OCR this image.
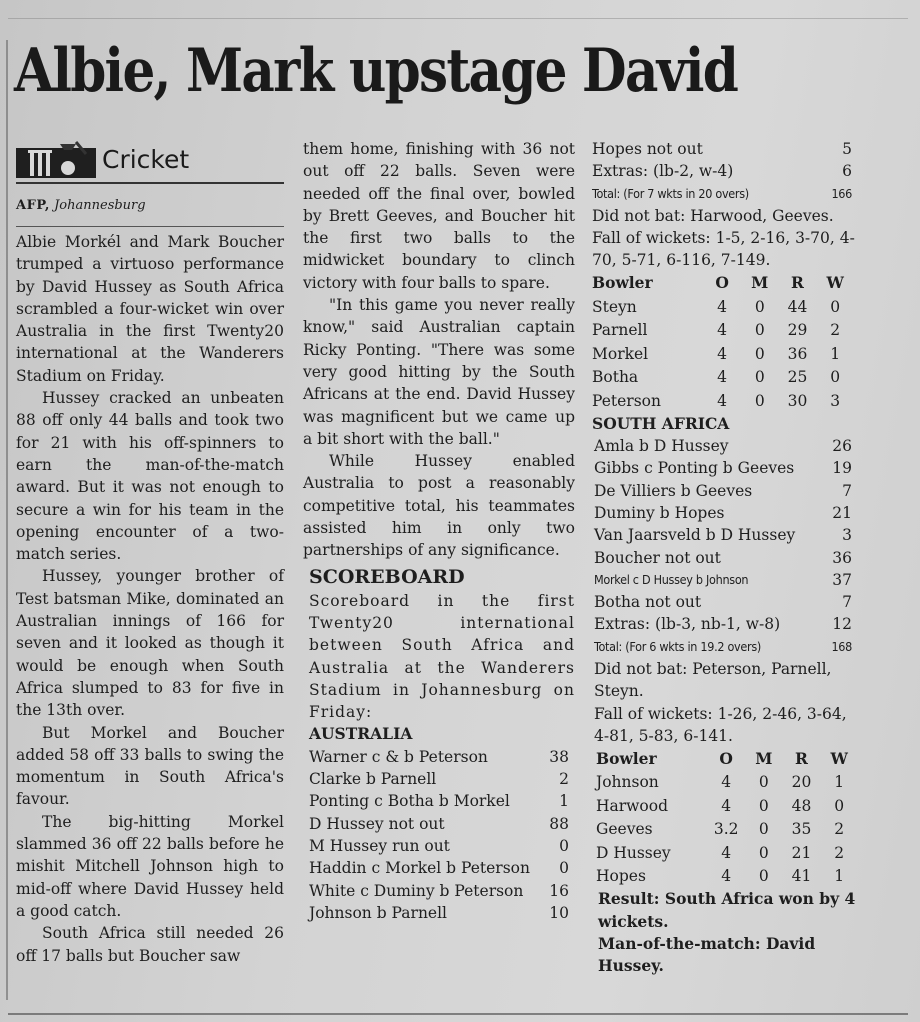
Albie, Mark upstage David
Cricket
AFP, Johannesburg

Albie Morkél and Mark Boucher trumped a virtuoso performance by David Hussey as South Africa scrambled a four-wicket win over Australia in the first Twenty20 international at the Wanderers Stadium on Friday.

Hussey cracked an unbeaten 88 off only 44 balls and took two for 21 with his off-spinners to earn the man-of-the-match award. But it was not enough to secure a win for his team in the opening encounter of a two-match series.

Hussey, younger brother of Test batsman Mike, dominated an Australian innings of 166 for seven and it looked as though it would be enough when South Africa slumped to 83 for five in the 13th over.

But Morkel and Boucher added 58 off 33 balls to swing the momentum in South Africa's favour.

The big-hitting Morkel slammed 36 off 22 balls before he mishit Mitchell Johnson high to mid-off where David Hussey held a good catch.

South Africa still needed 26 off 17 balls but Boucher saw

them home, finishing with 36 not out off 22 balls. Seven were needed off the final over, bowled by Brett Geeves, and Boucher hit the first two balls to the midwicket boundary to clinch victory with four balls to spare.

"In this game you never really know," said Australian captain Ricky Ponting. "There was some very good hitting by the South Africans at the end. David Hussey was magnificent but we came up a bit short with the ball."

While Hussey enabled Australia to post a reasonably competitive total, his teammates assisted him in only two partnerships of any significance.

SCOREBOARD

Scoreboard in the first Twenty20 international between South Africa and Australia at the Wanderers Stadium in Johannesburg on Friday:

AUSTRALIA
Warner c & b Peterson	38
Clarke b Parnell	2
Ponting c Botha b Morkel	1
D Hussey not out	88
M Hussey run out	0
Haddin c Morkel b Peterson	0
White c Duminy b Peterson	16
Johnson b Parnell	10
Hopes not out	5
Extras: (lb-2, w-4)	6
Total: (For 7 wkts in 20 overs)	166
Did not bat: Harwood, Geeves.
Fall of wickets: 1-5, 2-16, 3-70, 4-70, 5-71, 6-116, 7-149.
Bowler	O	M	R	W
Steyn	4	0	44	0
Parnell	4	0	29	2
Morkel	4	0	36	1
Botha	4	0	25	0
Peterson	4	0	30	3
SOUTH AFRICA
Amla b D Hussey	26
Gibbs c Ponting b Geeves	19
De Villiers b Geeves	7
Duminy b Hopes	21
Van Jaarsveld b D Hussey	3
Boucher not out	36
Morkel c D Hussey b Johnson	37
Botha not out	7
Extras: (lb-3, nb-1, w-8)	12
Total: (For 6 wkts in 19.2 overs)	168
Did not bat: Peterson, Parnell, Steyn.
Fall of wickets: 1-26, 2-46, 3-64, 4-81, 5-83, 6-141.
Bowler	O	M	R	W
Johnson	4	0	20	1
Harwood	4	0	48	0
Geeves	3.2	0	35	2
D Hussey	4	0	21	2
Hopes	4	0	41	1
Result: South Africa won by 4 wickets.
Man-of-the-match: David Hussey.
